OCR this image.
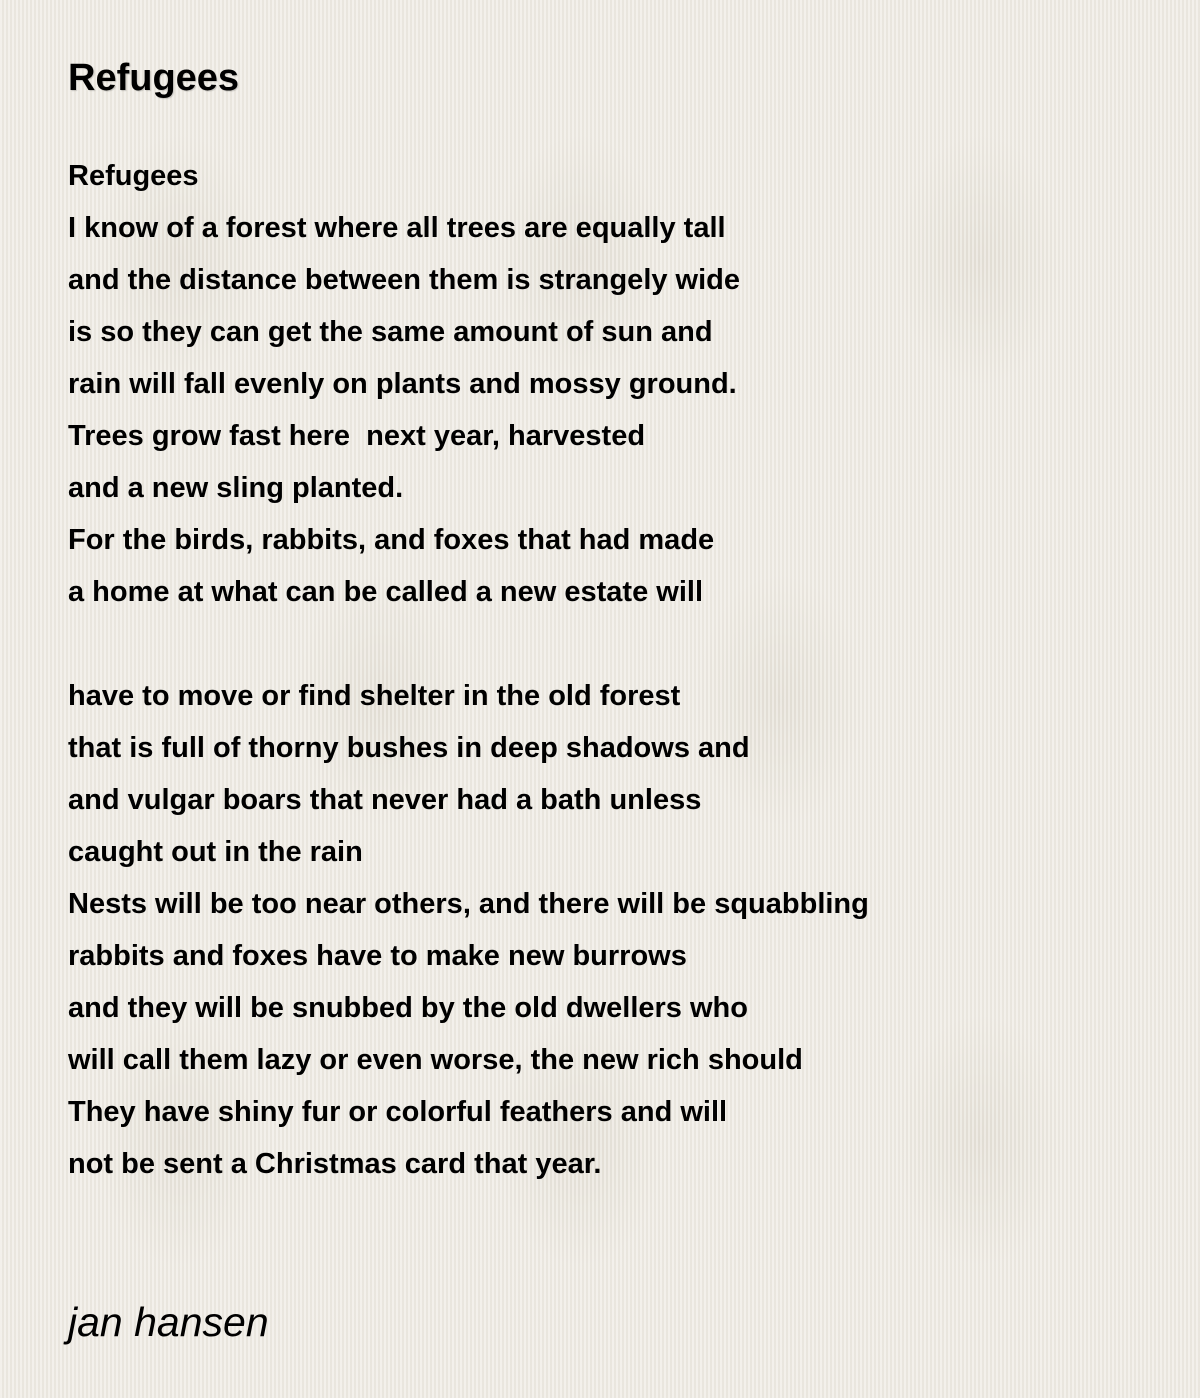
Refugees
Refugees
I know of a forest where all trees are equally tall
and the distance between them is strangely wide
is so they can get the same amount of sun and
rain will fall evenly on plants and mossy ground.
Trees grow fast here  next year, harvested
and a new sling planted.
For the birds, rabbits, and foxes that had made
a home at what can be called a new estate will
have to move or find shelter in the old forest
that is full of thorny bushes in deep shadows and
and vulgar boars that never had a bath unless
caught out in the rain
Nests will be too near others, and there will be squabbling
rabbits and foxes have to make new burrows
and they will be snubbed by the old dwellers who
will call them lazy or even worse, the new rich should
They have shiny fur or colorful feathers and will
not be sent a Christmas card that year.
jan hansen
